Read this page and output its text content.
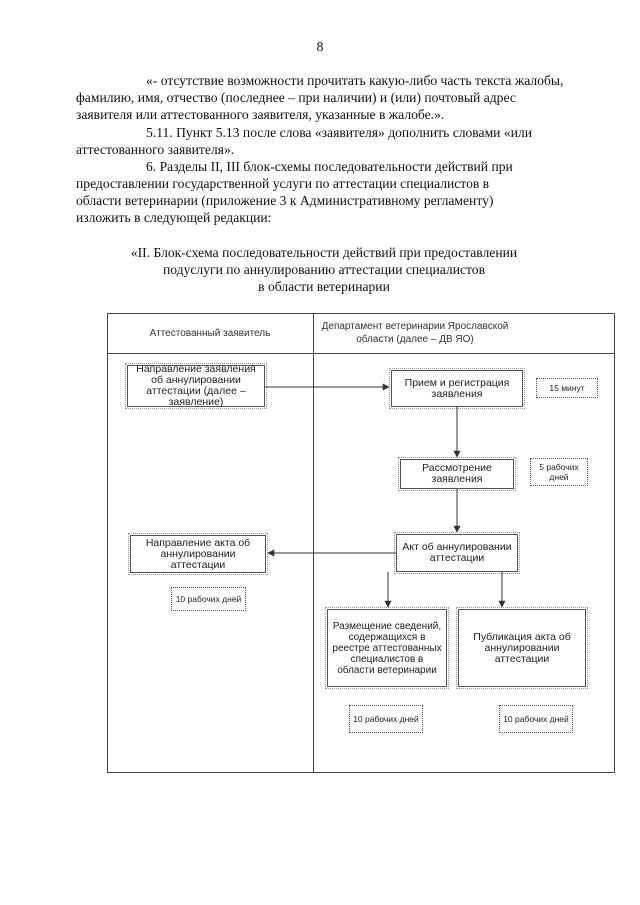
8

«- отсутствие возможности прочитать какую-либо часть текста жалобы,
фамилию, имя, отчество (последнее – при наличии) и (или) почтовый адрес
заявителя или аттестованного заявителя, указанные в жалобе.».

5.11. Пункт 5.13 после слова «заявителя» дополнить словами «или
аттестованного заявителя».

6. Разделы II, III блок-схемы последовательности действий при
предоставлении государственной услуги по аттестации специалистов в
области ветеринарии (приложение 3 к Административному регламенту)
изложить в следующей редакции:

«II. Блок-схема последовательности действий при предоставлении
подуслуги по аннулированию аттестации специалистов
в области ветеринарии
Аттестованный заявитель
Департамент ветеринарии Ярославской области (далее – ДВ ЯО)
Направление заявления об аннулировании аттестации (далее – заявление)
Направление акта об аннулировании аттестации
10 рабочих дней
Прием и регистрация заявления	15 минут
Рассмотрение заявления
5 рабочих дней
Акт об аннулировании аттестации
Размещение сведений, содержащихся в реестре аттестованных специалистов в области ветеринарии
10 рабочих дней
Публикация акта об аннулировании аттестации
10 рабочих дней
